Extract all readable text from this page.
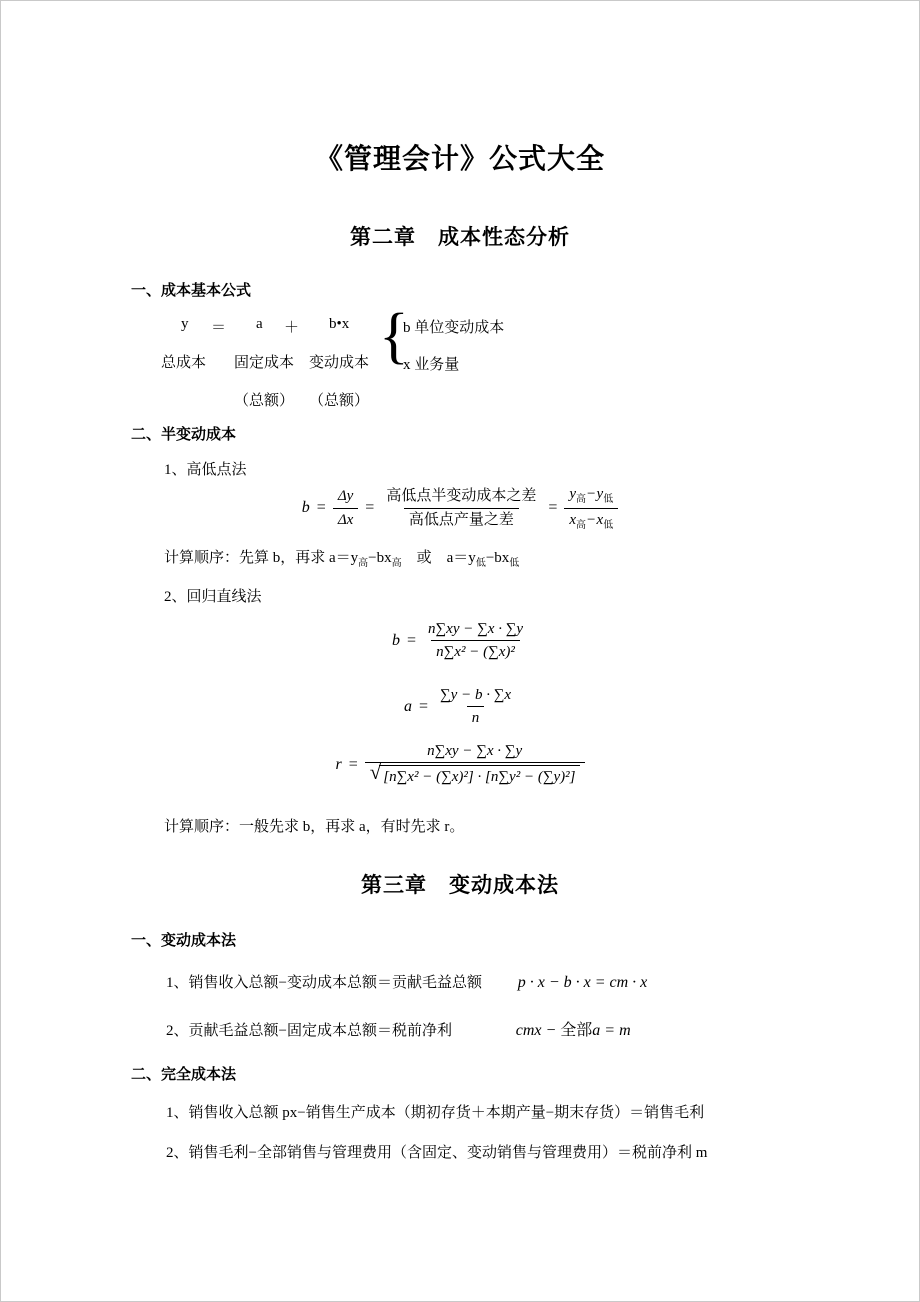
《管理会计》公式大全
第二章　成本性态分析
一、成本基本公式
y ＝ a ＋ b•x
总成本 固定成本 变动成本
（总额） （总额）
{
b 单位变动成本
x 业务量
二、半变动成本
1、高低点法
$b = \frac{\Delta y}{\Delta x} = \frac{\text{高低点半变动成本之差}}{\text{高低点产量之差}} = \frac{y_高-y_低}{x_高-x_低}$
计算顺序：先算 b，再求 $a=y_高-bx_高$　或　$a=y_低-bx_低$
2、回归直线法
$b = \frac{n\sum xy - \sum x \cdot \sum y}{\text{n∑x² − (∑x)²}}$
$a = \frac{\sum y - b \cdot \sum x}{n}$
$r = \frac{n\sum xy - \sum x \cdot \sum y}{\text{√ [n∑x² − (∑x)²] · [n∑y² − (∑y)²]}}$
计算顺序：一般先求 b，再求 a，有时先求 r。
第三章　变动成本法
一、变动成本法
1、销售收入总额−变动成本总额＝贡献毛益总额 p · x − b · x = cm · x
2、贡献毛益总额−固定成本总额＝税前净利	cmx − 全部a = m
二、完全成本法
1、销售收入总额 px−销售生产成本（期初存货＋本期产量−期末存货）＝销售毛利
2、销售毛利−全部销售与管理费用（含固定、变动销售与管理费用）＝税前净利 m
